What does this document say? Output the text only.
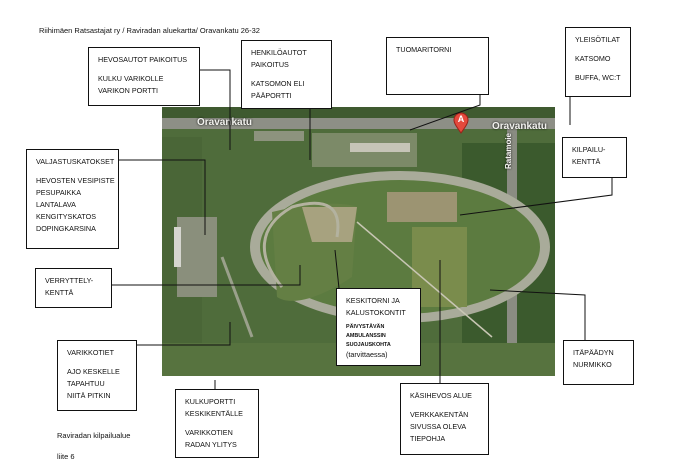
Riihimäen Ratsastajat ry / Raviradan aluekartta/ Oravankatu 26-32
Oravankatu	Oravankatu
Ratamoie
A
HEVOSAUTOT PAIKOITUS
KULKU VARIKOLLE
VARIKON PORTTI
HENKILÖAUTOT
PAIKOITUS
KATSOMON ELI
PÄÄPORTTI
TUOMARITORNI
YLEISÖTILAT
KATSOMO
BUFFA, WC:T
KILPAILU-
KENTTÄ
VALJASTUSKATOKSET
HEVOSTEN VESIPISTE
PESUPAIKKA
LANTALAVA
KENGITYSKATOS
DOPINGKARSINA
VERRYTTELY-
KENTTÄ
KESKITORNI JA
KALUSTOKONTIT
PÄIVYSTÄVÄN
AMBULANSSIN
SUOJAUSKOHTA
(tarvittaessa)	ITÄPÄÄDYN
NURMIKKO
VARIKKOTIET
AJO KESKELLE
TAPAHTUU
NIITÄ PITKIN
KULKUPORTTI
KESKIKENTÄLLE
VARIKKOTIEN
RADAN YLITYS
KÄSIHEVOS ALUE
VERKKAKENTÄN
SIVUSSA OLEVA
TIEPOHJA
Raviradan kilpailualue
liite 6
